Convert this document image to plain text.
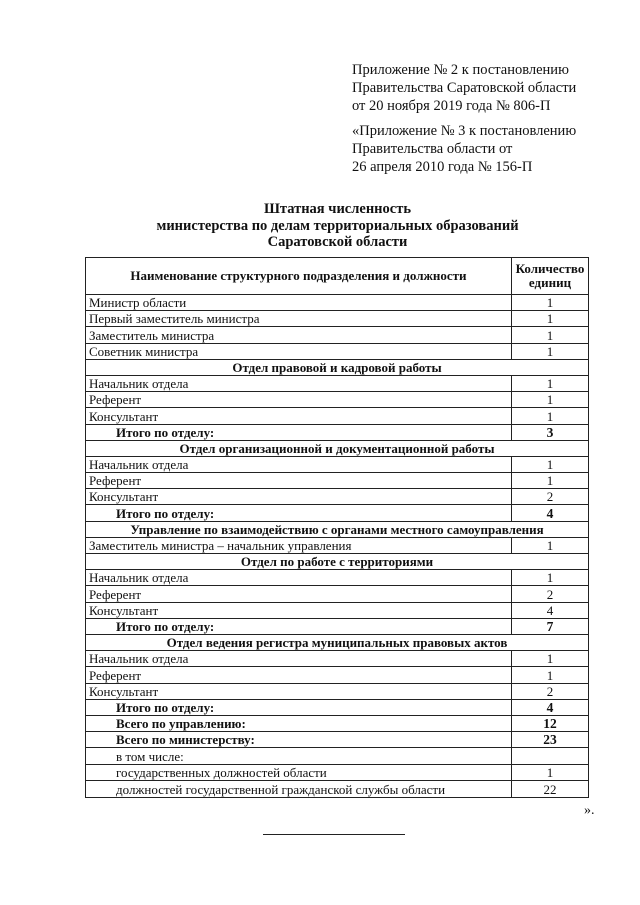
Приложение № 2 к постановлению
Правительства Саратовской области
от 20 ноября 2019 года № 806-П
«Приложение № 3 к постановлению
Правительства области от
26 апреля 2010 года № 156-П
Штатная численность
министерства по делам территориальных образований
Саратовской области
Наименование структурного подразделения и должности	Количество единиц
Министр области	1
Первый заместитель министра	1
Заместитель министра	1
Советник министра	1
Отдел правовой и кадровой работы	
Начальник отдела	1
Референт	1
Консультант	1
Итого по отделу:	3
Отдел организационной и документационной работы	
Начальник отдела	1
Референт	1
Консультант	2
Итого по отделу:	4
Управление по взаимодействию с органами местного самоуправления	
Заместитель министра – начальник управления	1
Отдел по работе с территориями	
Начальник отдела	1
Референт	2
Консультант	4
Итого по отделу:	7
Отдел ведения регистра муниципальных правовых актов	
Начальник отдела	1
Референт	1
Консультант	2
Итого по отделу:	4
Всего по управлению:	12
Всего по министерству:	23
в том числе:	
государственных должностей области	1
должностей государственной гражданской службы области	22
».
